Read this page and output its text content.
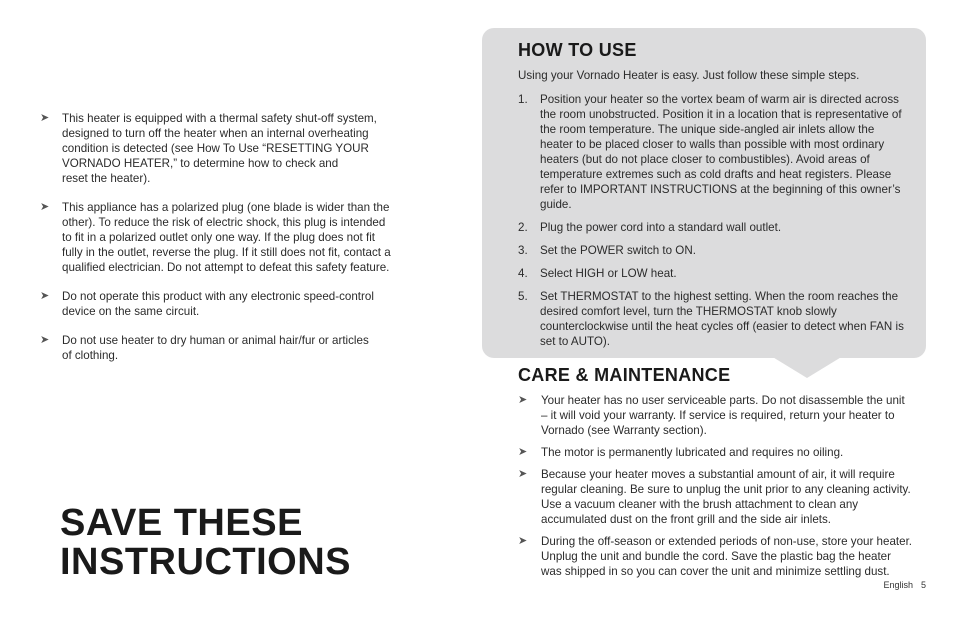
➤ This heater is equipped with a thermal safety shut-off system,
designed to turn off the heater when an internal overheating
condition is detected (see How To Use “RESETTING YOUR
VORNADO HEATER,” to determine how to check and
reset the heater).
➤ This appliance has a polarized plug (one blade is wider than the
other). To reduce the risk of electric shock, this plug is intended
to fit in a polarized outlet only one way. If the plug does not fit
fully in the outlet, reverse the plug. If it still does not fit, contact a
qualified electrician. Do not attempt to defeat this safety feature.
➤ Do not operate this product with any electronic speed-control
device on the same circuit.
➤ Do not use heater to dry human or animal hair/fur or articles
of clothing.
SAVE THESE
INSTRUCTIONS
HOW TO USE

Using your Vornado Heater is easy. Just follow these simple steps.

1. Position your heater so the vortex beam of warm air is directed across the room unobstructed. Position it in a location that is representative of the room temperature. The unique side-angled air inlets allow the heater to be placed closer to walls than possible with most ordinary heaters (but do not place closer to combustibles). Avoid areas of temperature extremes such as cold drafts and heat registers. Please refer to IMPORTANT INSTRUCTIONS at the beginning of this owner’s guide.
2. Plug the power cord into a standard wall outlet.
3. Set the POWER switch to ON.
4. Select HIGH or LOW heat.
5. Set THERMOSTAT to the highest setting. When the room reaches the desired comfort level, turn the THERMOSTAT knob slowly counterclockwise until the heat cycles off (easier to detect when FAN is set to AUTO).
CARE & MAINTENANCE
➤ Your heater has no user serviceable parts. Do not disassemble the unit – it will void your warranty. If service is required, return your heater to Vornado (see Warranty section).
➤ The motor is permanently lubricated and requires no oiling.
➤ Because your heater moves a substantial amount of air, it will require regular cleaning. Be sure to unplug the unit prior to any cleaning activity. Use a vacuum cleaner with the brush attachment to clean any accumulated dust on the front grill and the side air inlets.
➤ During the off-season or extended periods of non-use, store your heater. Unplug the unit and bundle the cord. Save the plastic bag the heater was shipped in so you can cover the unit and minimize settling dust.
English 5
